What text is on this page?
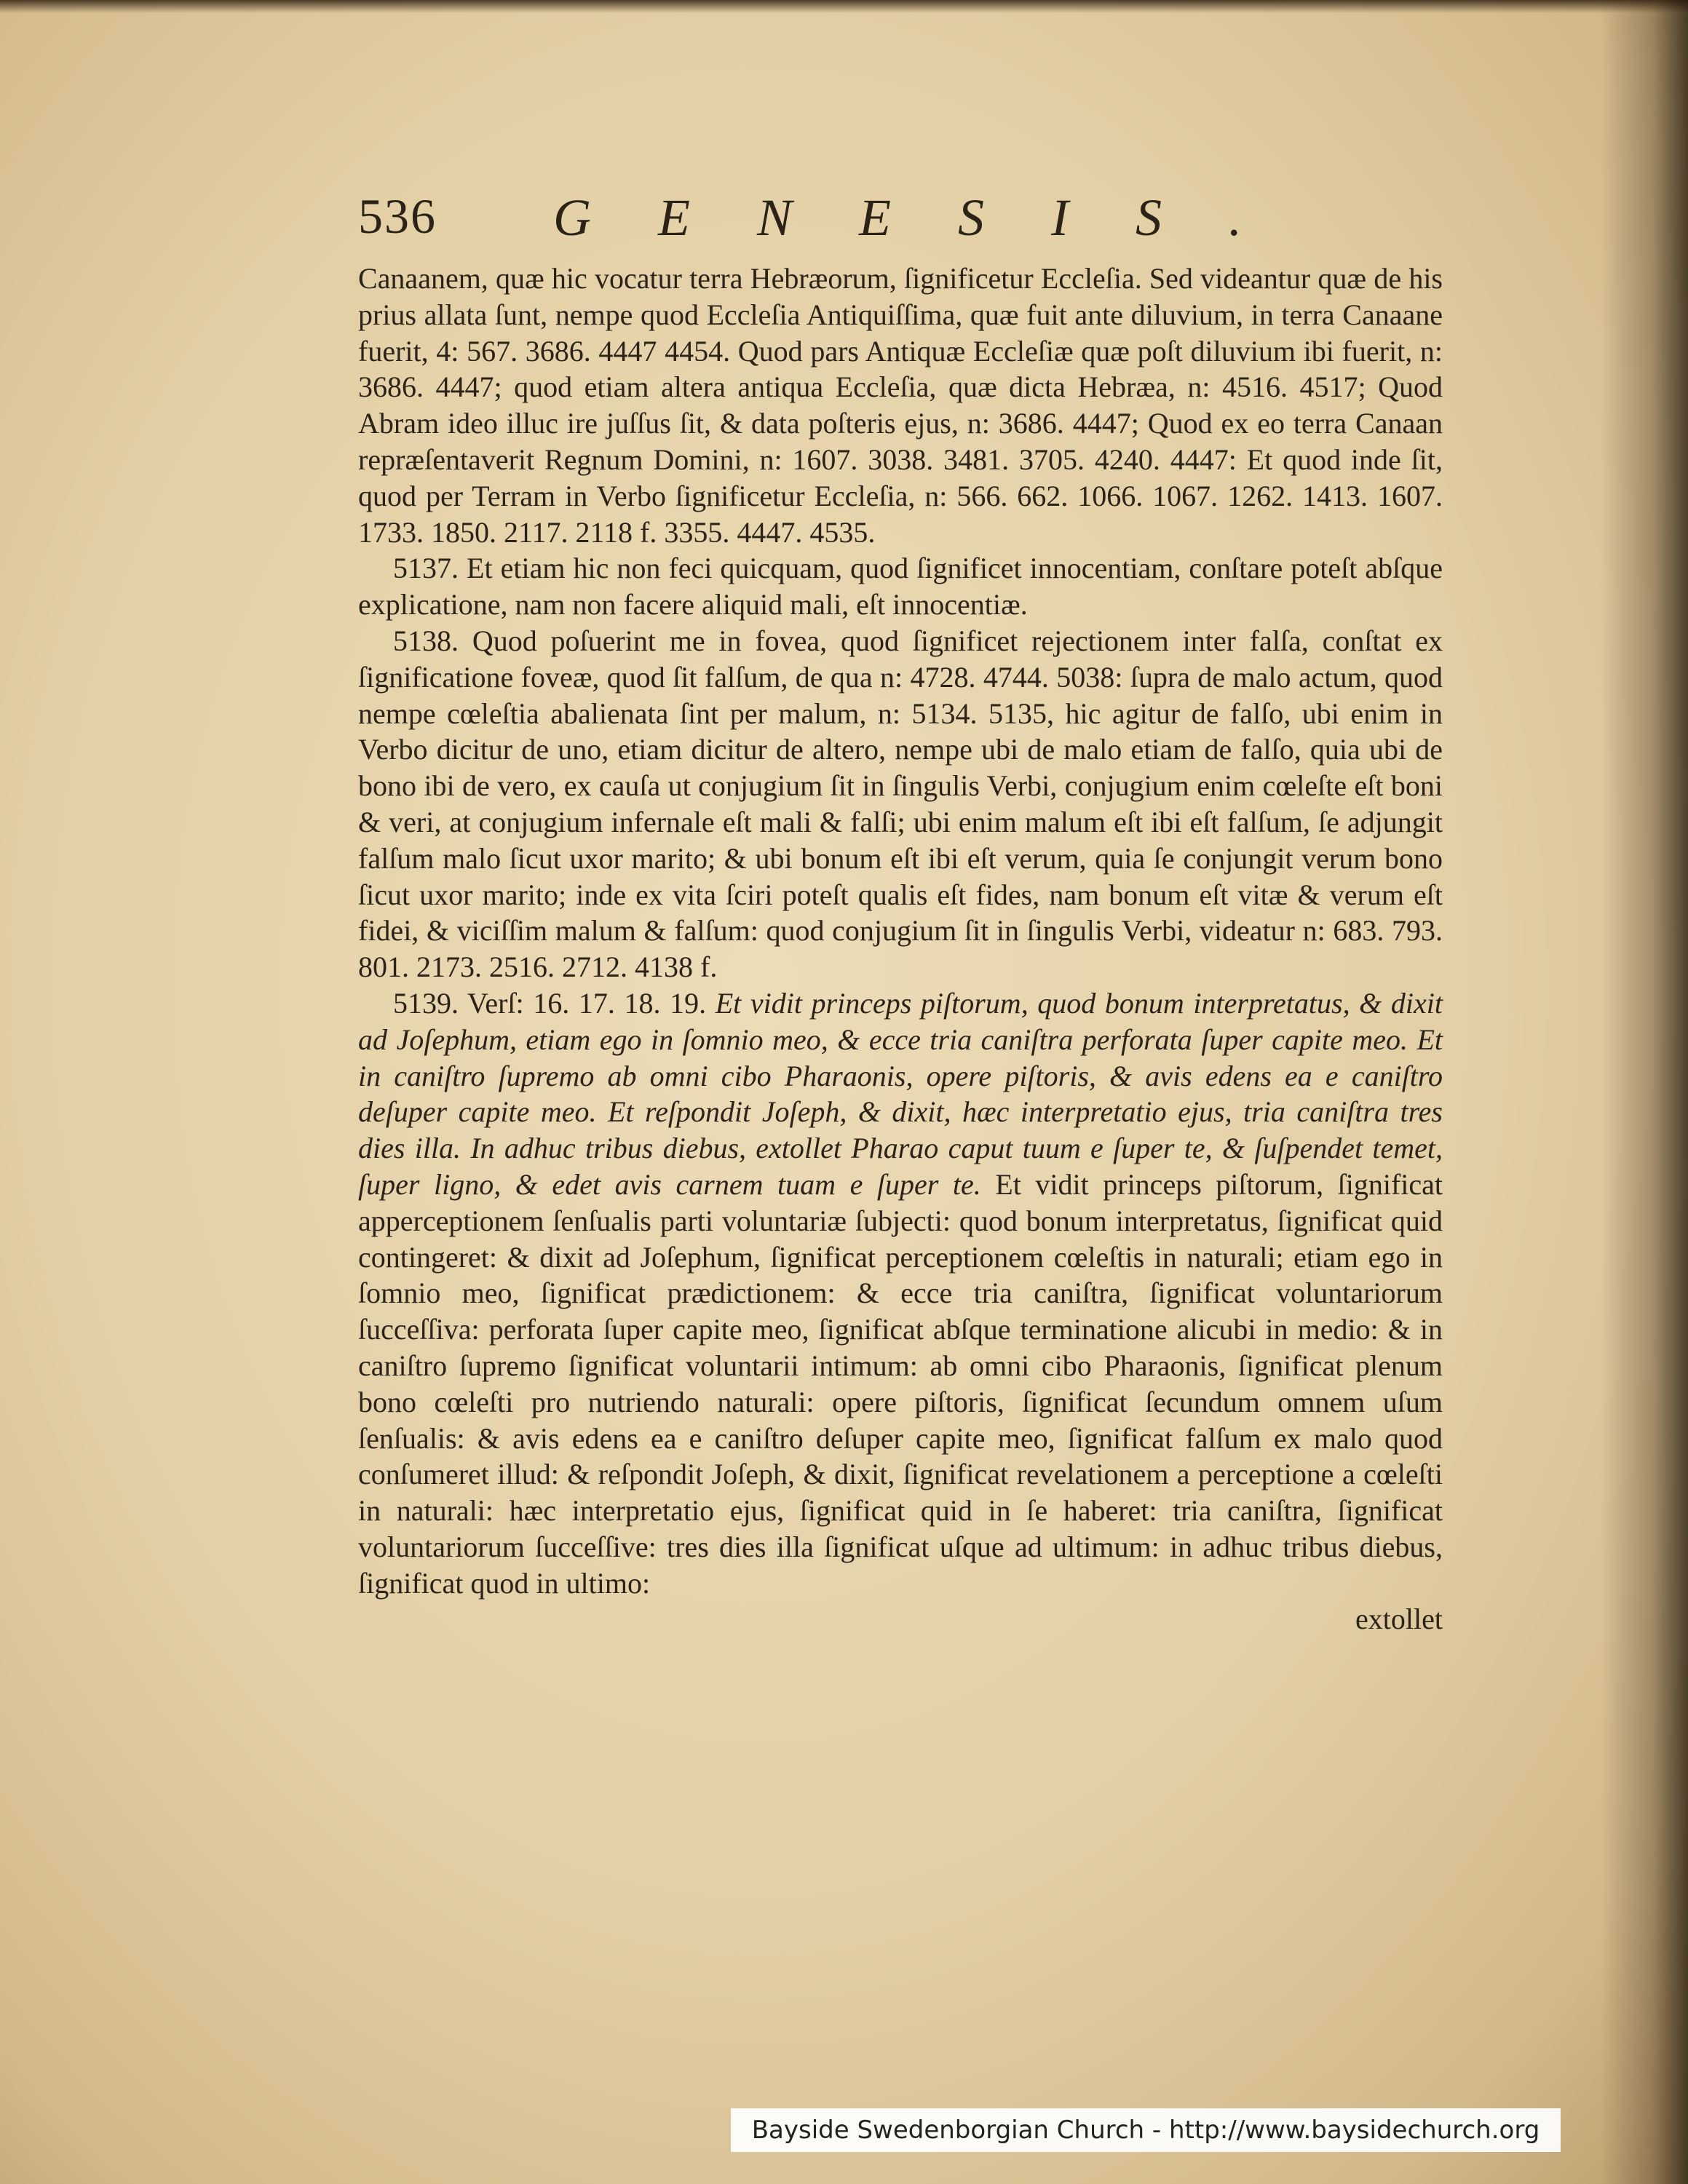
536 GENESIS.

Canaanem, quæ hic vocatur terra Hebræorum, ſignificetur Eccleſia. Sed videantur quæ de his prius allata ſunt, nempe quod Eccleſia Antiquiſſima, quæ fuit ante diluvium, in terra Canaane fuerit, 4: 567. 3686. 4447 4454. Quod pars Antiquæ Eccleſiæ quæ poſt diluvium ibi fuerit, n: 3686. 4447; quod etiam altera antiqua Eccleſia, quæ dicta Hebræa, n: 4516. 4517; Quod Abram ideo illuc ire juſſus ſit, & data poſteris ejus, n: 3686. 4447; Quod ex eo terra Canaan repræſentaverit Regnum Domini, n: 1607. 3038. 3481. 3705. 4240. 4447: Et quod inde ſit, quod per Terram in Verbo ſignificetur Eccleſia, n: 566. 662. 1066. 1067. 1262. 1413. 1607. 1733. 1850. 2117. 2118 f. 3355. 4447. 4535.

5137. Et etiam hic non feci quicquam, quod ſignificet innocentiam, conſtare poteſt abſque explicatione, nam non facere aliquid mali, eſt innocentiæ.

5138. Quod poſuerint me in fovea, quod ſignificet rejectionem inter falſa, conſtat ex ſignificatione foveæ, quod ſit falſum, de qua n: 4728. 4744. 5038: ſupra de malo actum, quod nempe cœleſtia abalienata ſint per malum, n: 5134. 5135, hic agitur de falſo, ubi enim in Verbo dicitur de uno, etiam dicitur de altero, nempe ubi de malo etiam de falſo, quia ubi de bono ibi de vero, ex cauſa ut conjugium ſit in ſingulis Verbi, conjugium enim cœleſte eſt boni & veri, at conjugium infernale eſt mali & falſi; ubi enim malum eſt ibi eſt falſum, ſe adjungit falſum malo ſicut uxor marito; & ubi bonum eſt ibi eſt verum, quia ſe conjungit verum bono ſicut uxor marito; inde ex vita ſciri poteſt qualis eſt fides, nam bonum eſt vitæ & verum eſt fidei, & viciſſim malum & falſum: quod conjugium ſit in ſingulis Verbi, videatur n: 683. 793. 801. 2173. 2516. 2712. 4138 f.

5139. Verſ: 16. 17. 18. 19. Et vidit princeps piſtorum, quod bonum interpretatus, & dixit ad Joſephum, etiam ego in ſomnio meo, & ecce tria caniſtra perforata ſuper capite meo. Et in caniſtro ſupremo ab omni cibo Pharaonis, opere piſtoris, & avis edens ea e caniſtro deſuper capite meo. Et reſpondit Joſeph, & dixit, hæc interpretatio ejus, tria caniſtra tres dies illa. In adhuc tribus diebus, extollet Pharao caput tuum e ſuper te, & ſuſpendet temet, ſuper ligno, & edet avis carnem tuam e ſuper te. Et vidit princeps piſtorum, ſignificat apperceptionem ſenſualis parti voluntariæ ſubjecti: quod bonum interpretatus, ſignificat quid contingeret: & dixit ad Joſephum, ſignificat perceptionem cœleſtis in naturali; etiam ego in ſomnio meo, ſignificat prædictionem: & ecce tria caniſtra, ſignificat voluntariorum ſucceſſiva: perforata ſuper capite meo, ſignificat abſque terminatione alicubi in medio: & in caniſtro ſupremo ſignificat voluntarii intimum: ab omni cibo Pharaonis, ſignificat plenum bono cœleſti pro nutriendo naturali: opere piſtoris, ſignificat ſecundum omnem uſum ſenſualis: & avis edens ea e caniſtro deſuper capite meo, ſignificat falſum ex malo quod conſumeret illud: & reſpondit Joſeph, & dixit, ſignificat revelationem a perceptione a cœleſti in naturali: hæc interpretatio ejus, ſignificat quid in ſe haberet: tria caniſtra, ſignificat voluntariorum ſucceſſive: tres dies illa ſignificat uſque ad ultimum: in adhuc tribus diebus, ſignificat quod in ultimo:

extollet

Bayside Swedenborgian Church - http://www.baysidechurch.org
